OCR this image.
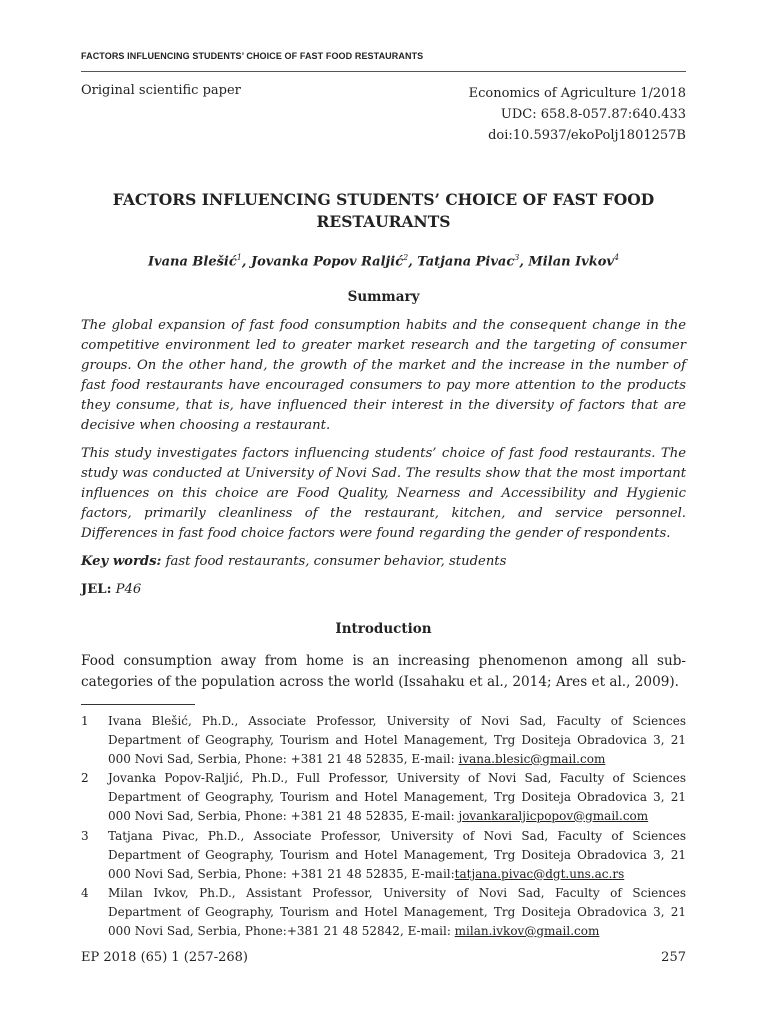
FACTORS INFLUENCING STUDENTS’ CHOICE OF FAST FOOD RESTAURANTS
Original scientific paper	Economics of Agriculture 1/2018
UDC: 658.8-057.87:640.433
doi:10.5937/ekoPolj1801257B
FACTORS INFLUENCING STUDENTS’ CHOICE OF FAST FOOD RESTAURANTS
Ivana Blešić$^1$, Jovanka Popov Raljić$^2$, Tatjana Pivac$^3$, Milan Ivkov$^4$
Summary

The global expansion of fast food consumption habits and the consequent change in the competitive environment led to greater market research and the targeting of consumer groups. On the other hand, the growth of the market and the increase in the number of fast food restaurants have encouraged consumers to pay more attention to the products they consume, that is, have influenced their interest in the diversity of factors that are decisive when choosing a restaurant.

This study investigates factors influencing students’ choice of fast food restaurants. The study was conducted at University of Novi Sad. The results show that the most important influences on this choice are Food Quality, Nearness and Accessibility and Hygienic factors, primarily cleanliness of the restaurant, kitchen, and service personnel. Differences in fast food choice factors were found regarding the gender of respondents.

Key words: fast food restaurants, consumer behavior, students
JEL: P46
Introduction

Food consumption away from home is an increasing phenomenon among all sub-categories of the population across the world (Issahaku et al., 2014; Ares et al., 2009).

1 Ivana Blešić, Ph.D., Associate Professor, University of Novi Sad, Faculty of Sciences Department of Geography, Tourism and Hotel Management, Trg Dositeja Obradovica 3, 21 000 Novi Sad, Serbia, Phone: +381 21 48 52835, E-mail: ivana.blesic@gmail.com
2 Jovanka Popov-Raljić, Ph.D., Full Professor, University of Novi Sad, Faculty of Sciences Department of Geography, Tourism and Hotel Management, Trg Dositeja Obradovica 3, 21 000 Novi Sad, Serbia, Phone: +381 21 48 52835, E-mail: jovankaraljicpopov@gmail.com
3 Tatjana Pivac, Ph.D., Associate Professor, University of Novi Sad, Faculty of Sciences Department of Geography, Tourism and Hotel Management, Trg Dositeja Obradovica 3, 21 000 Novi Sad, Serbia, Phone: +381 21 48 52835, E-mail:tatjana.pivac@dgt.uns.ac.rs
4 Milan Ivkov, Ph.D., Assistant Professor, University of Novi Sad, Faculty of Sciences Department of Geography, Tourism and Hotel Management, Trg Dositeja Obradovica 3, 21 000 Novi Sad, Serbia, Phone:+381 21 48 52842, E-mail: milan.ivkov@gmail.com
EP 2018 (65) 1 (257-268)	257
